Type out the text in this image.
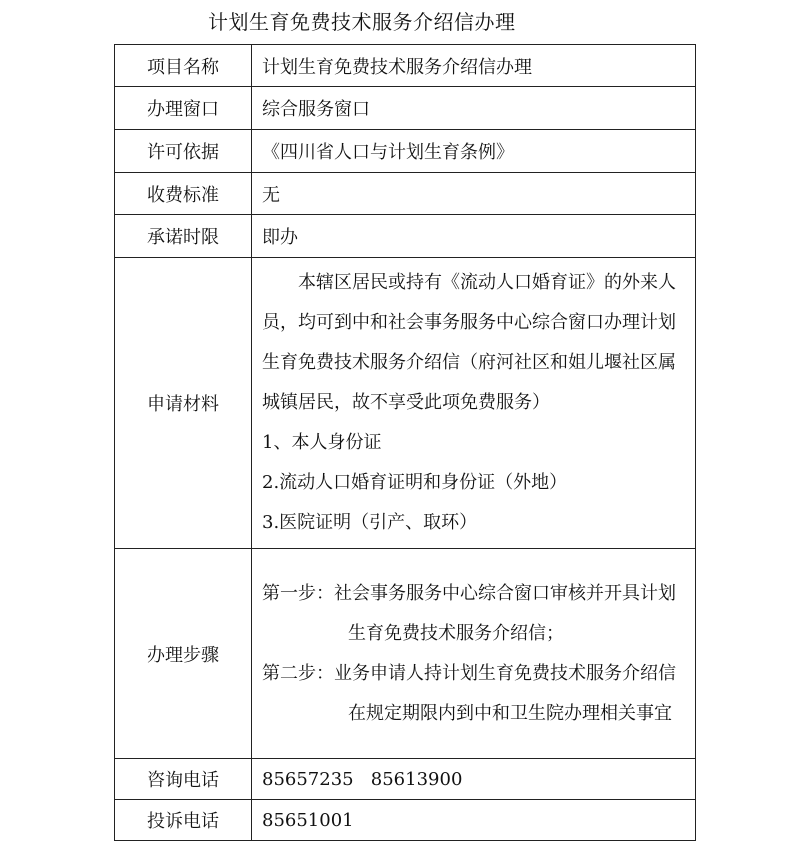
计划生育免费技术服务介绍信办理
项目名称	计划生育免费技术服务介绍信办理
办理窗口	综合服务窗口
许可依据	《四川省人口与计划生育条例》
收费标准	无
承诺时限	即办
申请材料	本辖区居民或持有《流动人口婚育证》的外来人员，均可到中和社会事务服务中心综合窗口办理计划生育免费技术服务介绍信（府河社区和姐儿堰社区属城镇居民，故不享受此项免费服务）

1、本人身份证

2.流动人口婚育证明和身份证（外地）

3.医院证明（引产、取环）

办理步骤	第一步：社会事务服务中心综合窗口审核并开具计划生育免费技术服务介绍信；

第二步：业务申请人持计划生育免费技术服务介绍信在规定期限内到中和卫生院办理相关事宜

咨询电话	85657235   85613900
投诉电话	85651001
